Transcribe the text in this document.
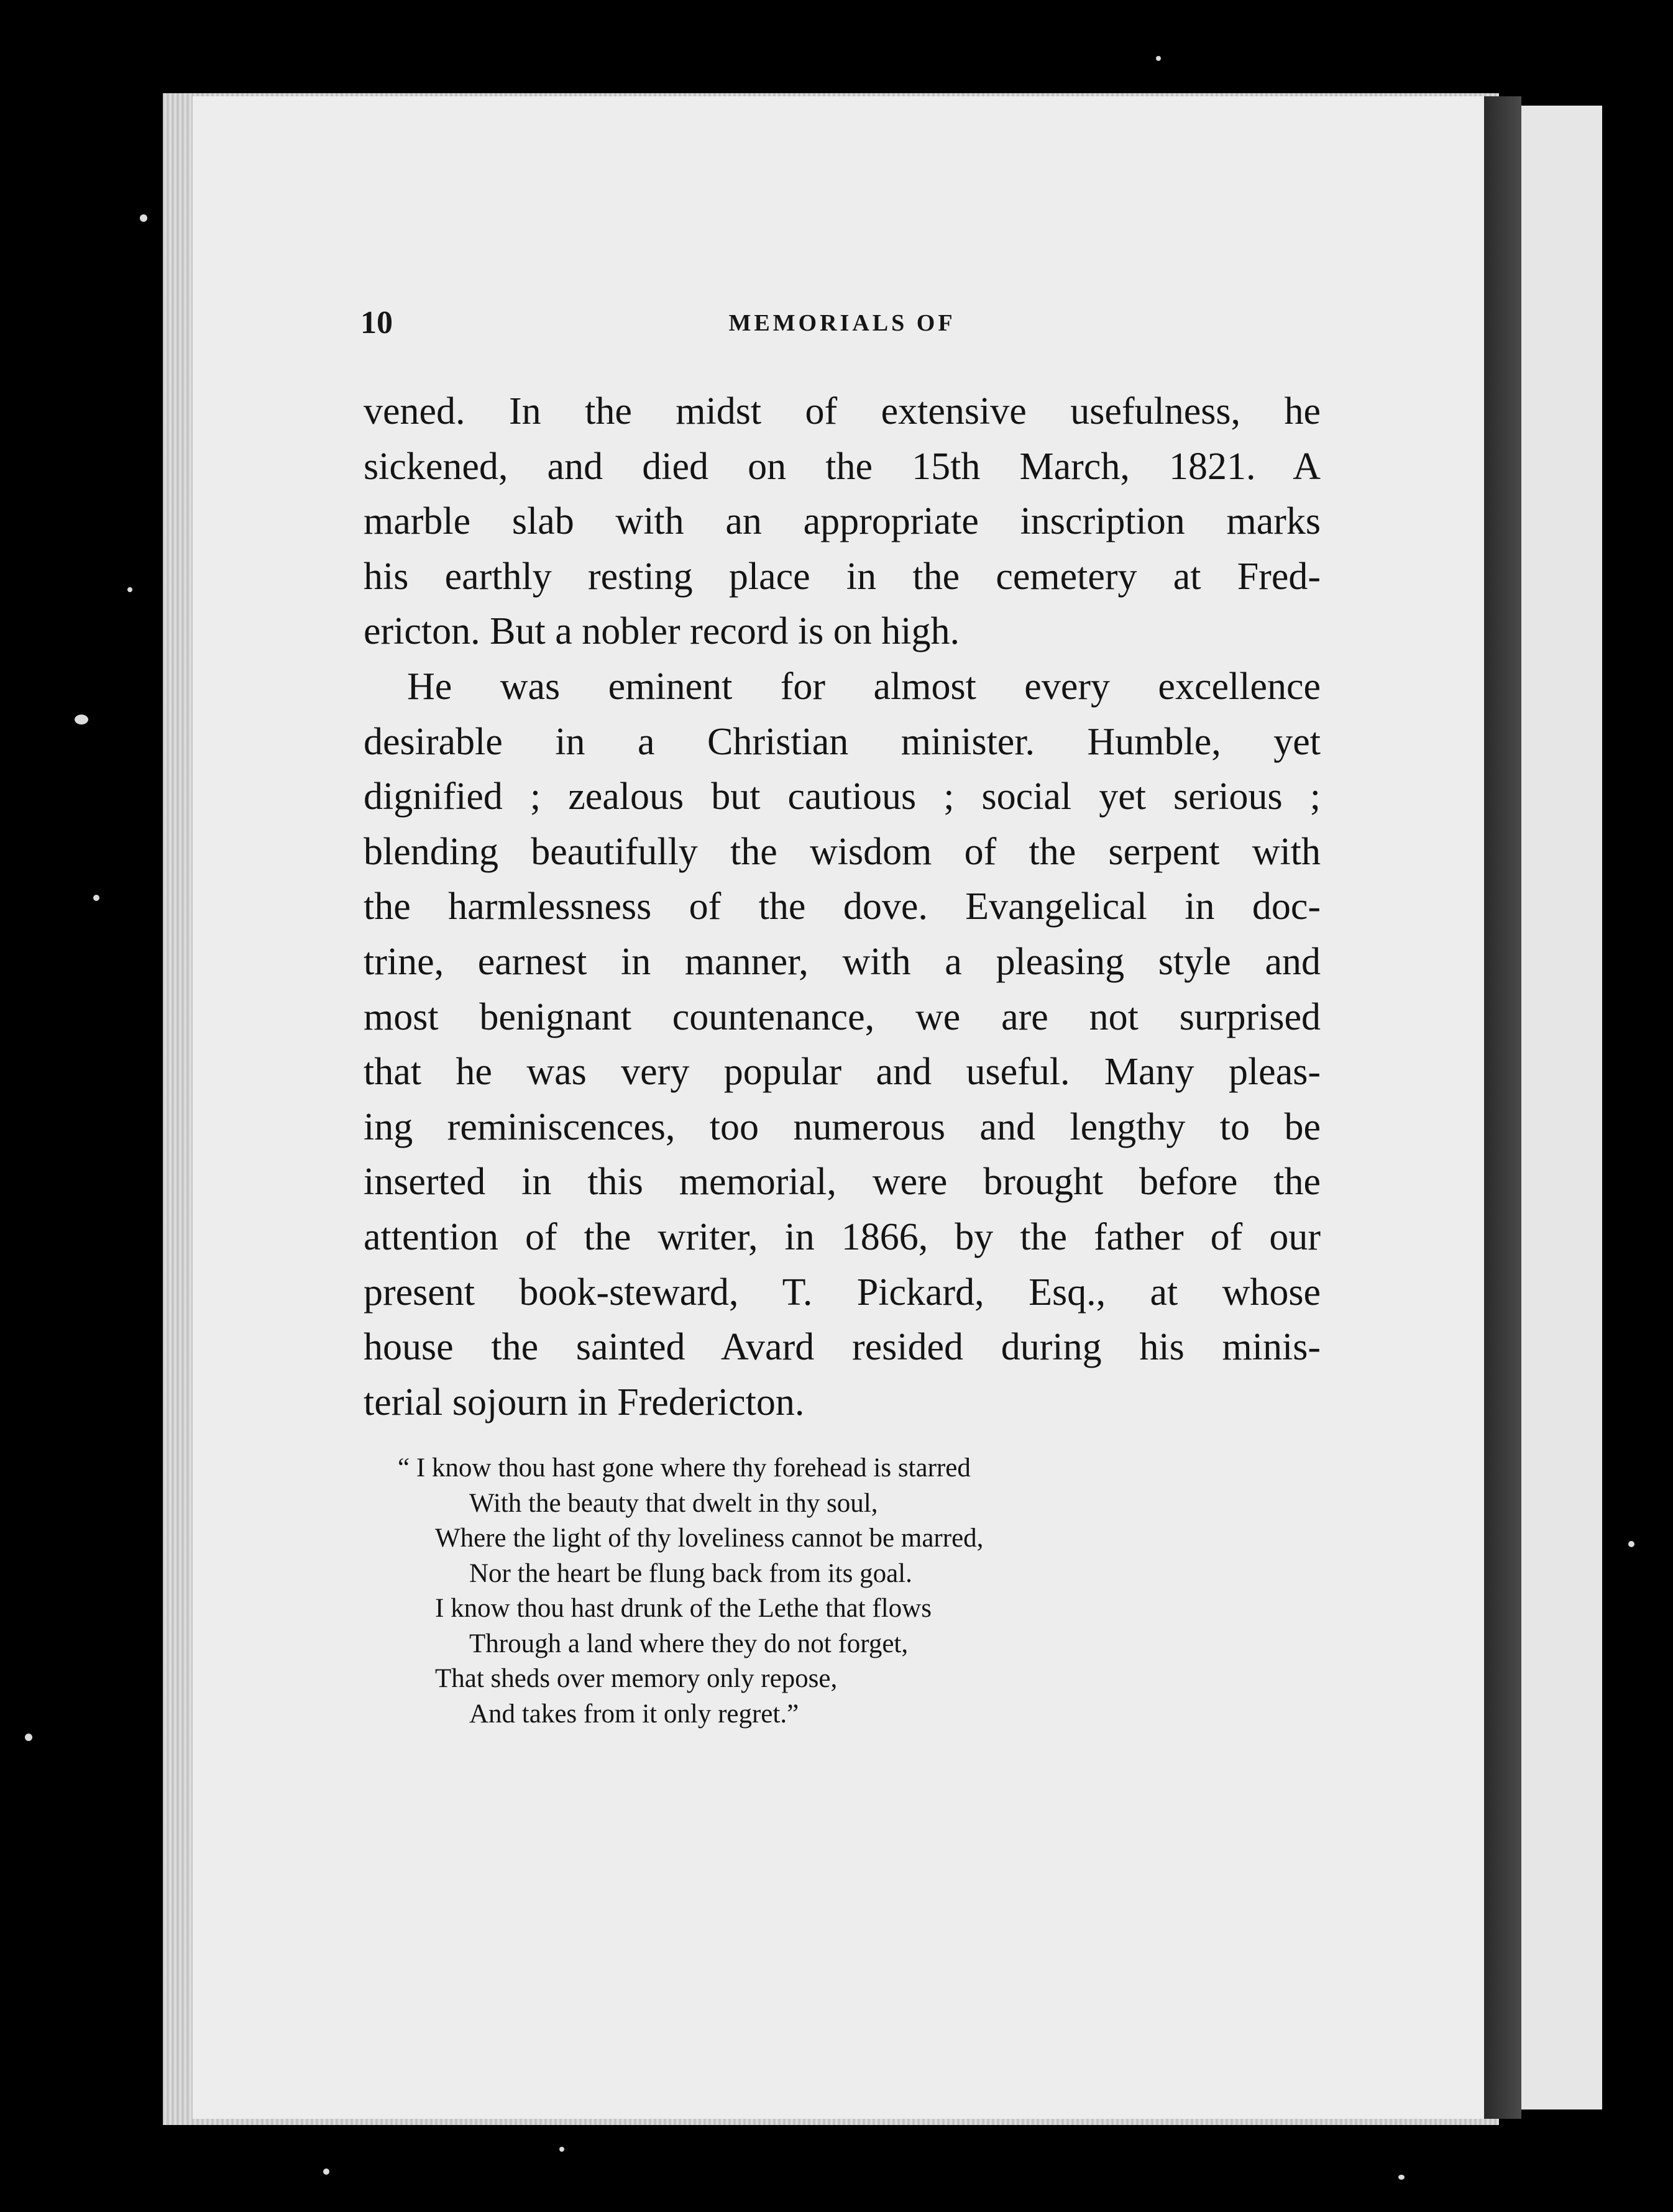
10	MEMORIALS OF
vened. In the midst of extensive usefulness, he
sickened, and died on the 15th March, 1821. A
marble slab with an appropriate inscription marks
his earthly resting place in the cemetery at Fred-
ericton. But a nobler record is on high.
He was eminent for almost every excellence
desirable in a Christian minister. Humble, yet
dignified ; zealous but cautious ; social yet serious ;
blending beautifully the wisdom of the serpent with
the harmlessness of the dove. Evangelical in doc-
trine, earnest in manner, with a pleasing style and
most benignant countenance, we are not surprised
that he was very popular and useful. Many pleas-
ing reminiscences, too numerous and lengthy to be
inserted in this memorial, were brought before the
attention of the writer, in 1866, by the father of our
present book-steward, T. Pickard, Esq., at whose
house the sainted Avard resided during his minis-
terial sojourn in Fredericton.
“ I know thou hast gone where thy forehead is starred
With the beauty that dwelt in thy soul,
Where the light of thy loveliness cannot be marred,
Nor the heart be flung back from its goal.
I know thou hast drunk of the Lethe that flows
Through a land where they do not forget,
That sheds over memory only repose,
And takes from it only regret.”
